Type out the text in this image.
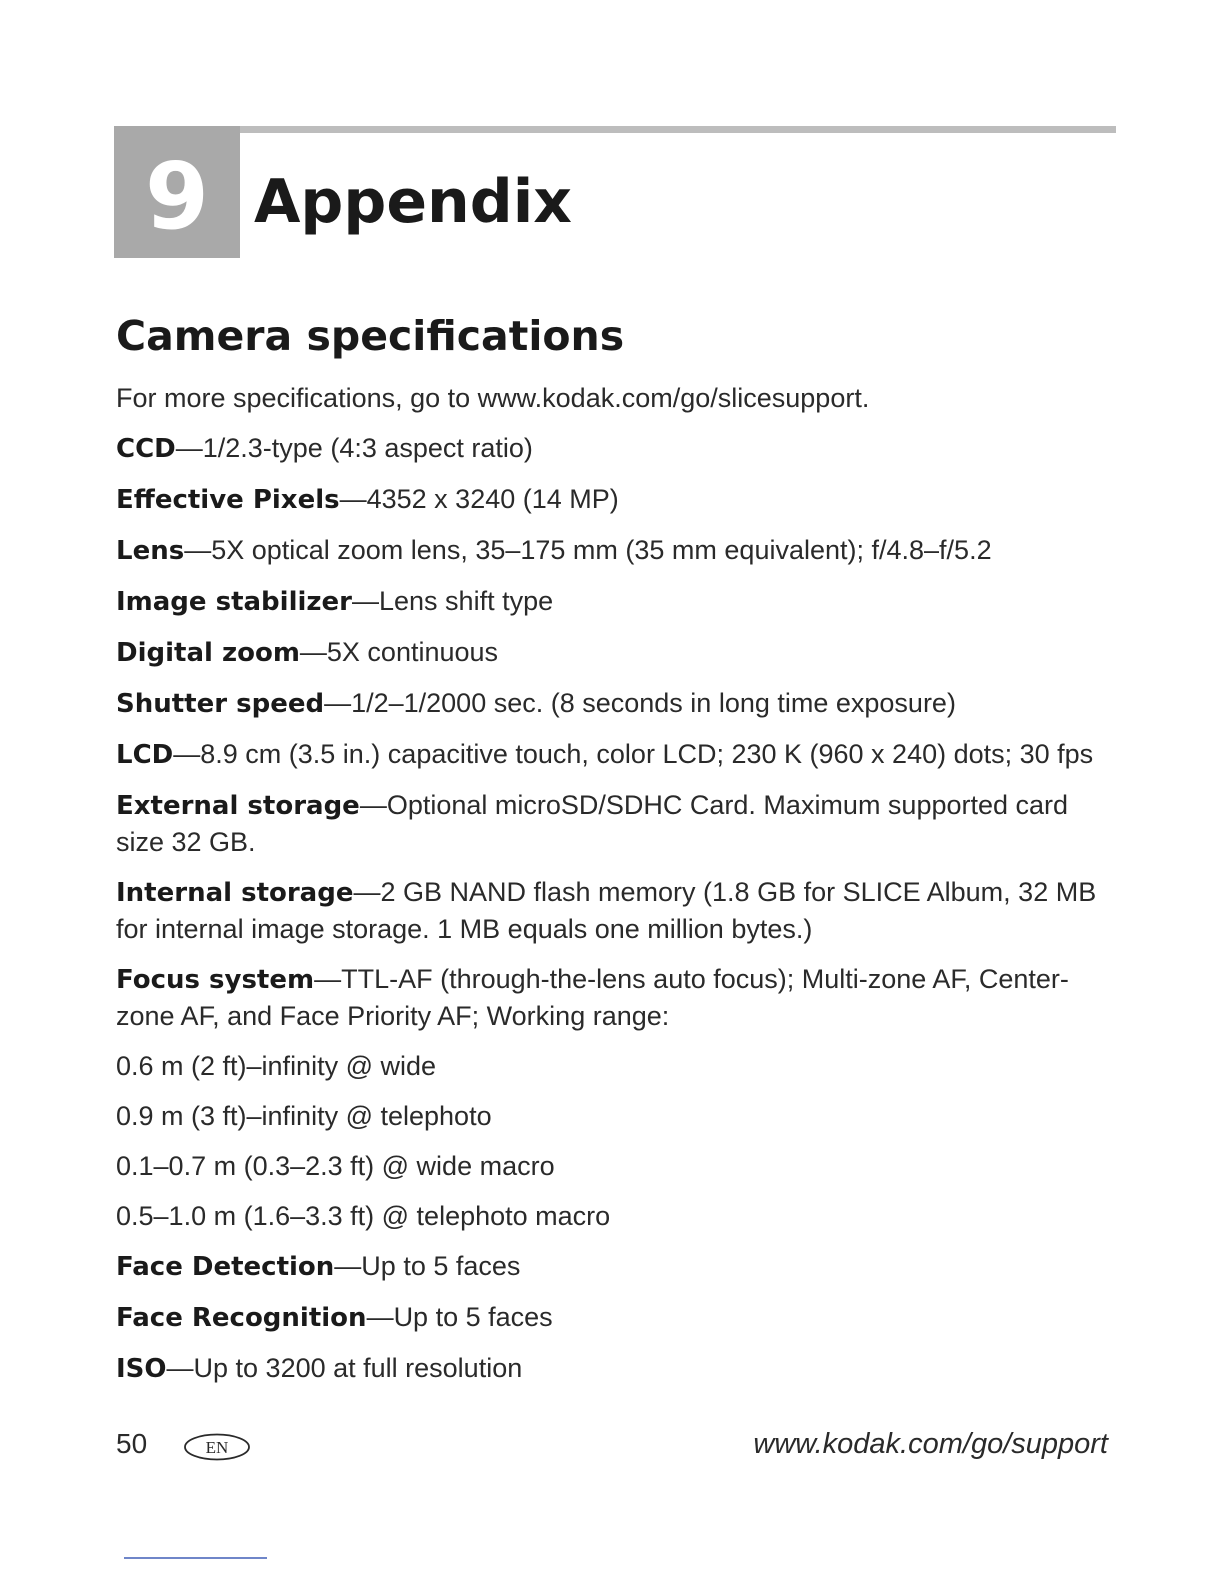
9 Appendix
Camera specifications

For more specifications, go to www.kodak.com/go/slicesupport.

CCD—1/2.3-type (4:3 aspect ratio)

Effective Pixels—4352 x 3240 (14 MP)

Lens—5X optical zoom lens, 35–175 mm (35 mm equivalent); f/4.8–f/5.2

Image stabilizer—Lens shift type

Digital zoom—5X continuous

Shutter speed—1/2–1/2000 sec. (8 seconds in long time exposure)

LCD—8.9 cm (3.5 in.) capacitive touch, color LCD; 230 K (960 x 240) dots; 30 fps

External storage—Optional microSD/SDHC Card. Maximum supported card size 32 GB.

Internal storage—2 GB NAND flash memory (1.8 GB for SLICE Album, 32 MB for internal image storage. 1 MB equals one million bytes.)

Focus system—TTL-AF (through-the-lens auto focus); Multi-zone AF, Center-zone AF, and Face Priority AF; Working range:

0.6 m (2 ft)–infinity @ wide

0.9 m (3 ft)–infinity @ telephoto

0.1–0.7 m (0.3–2.3 ft) @ wide macro

0.5–1.0 m (1.6–3.3 ft) @ telephoto macro

Face Detection—Up to 5 faces

Face Recognition—Up to 5 faces

ISO—Up to 3200 at full resolution

50	EN	www.kodak.com/go/support
